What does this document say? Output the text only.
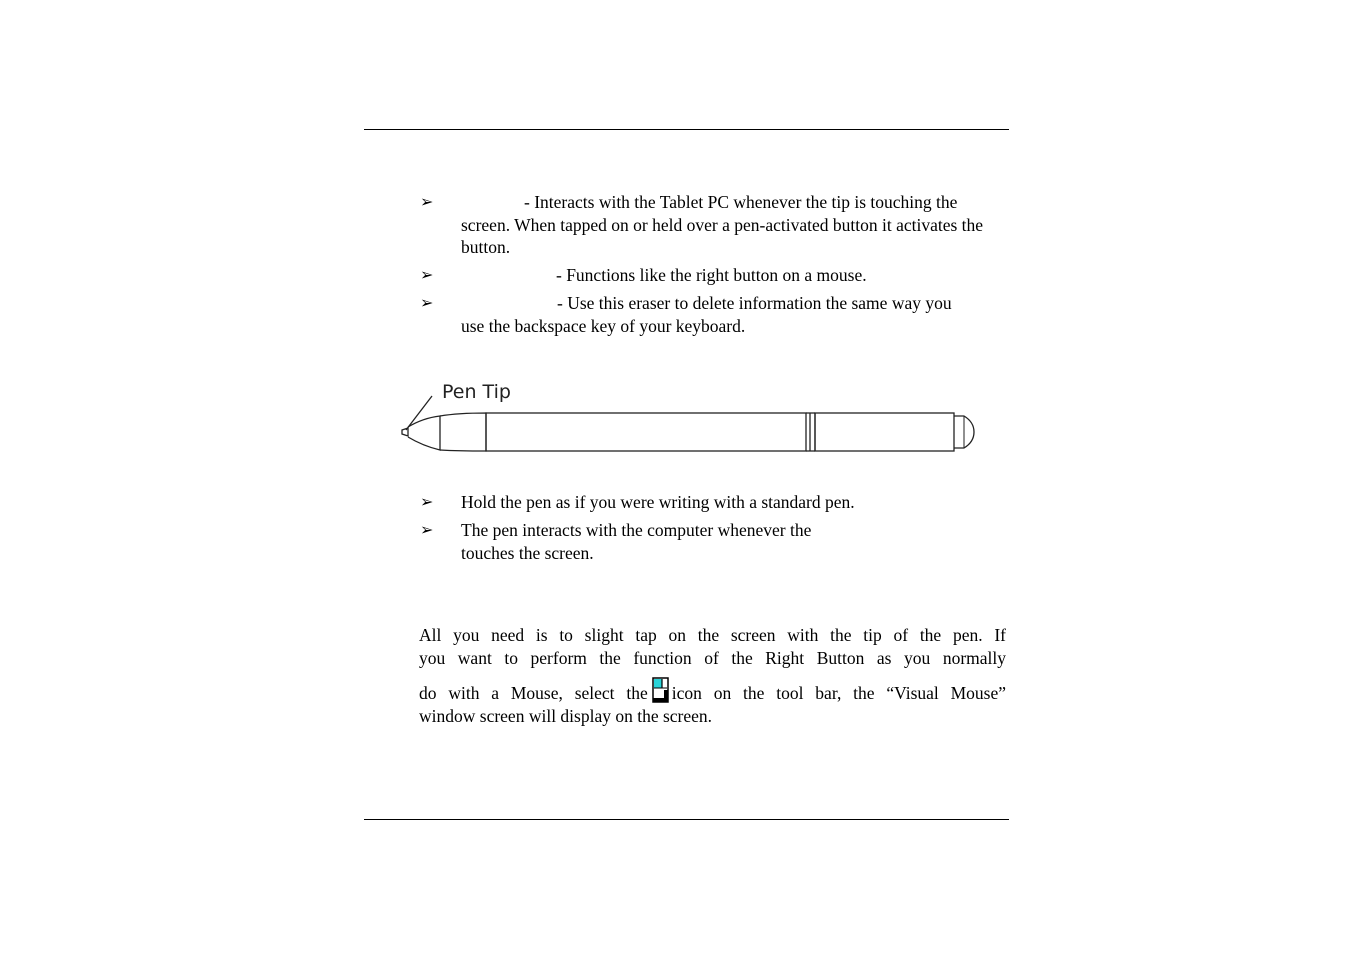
➢	- Interacts with the Tablet PC whenever the tip is touching the
screen. When tapped on or held over a pen-activated button it activates the button.
➢	- Functions like the right button on a mouse.
➢	- Use this eraser to delete information the same way you
use the backspace key of your keyboard.
Pen Tip
➢	Hold the pen as if you were writing with a standard pen.
➢	The pen interacts with the computer whenever the
touches the screen.
All you need is to slight tap on the screen with the tip of the pen. If
you want to perform the function of the Right Button as you normally
do with a Mouse, select the icon on the tool bar, the “Visual Mouse”
window screen will display on the screen.
